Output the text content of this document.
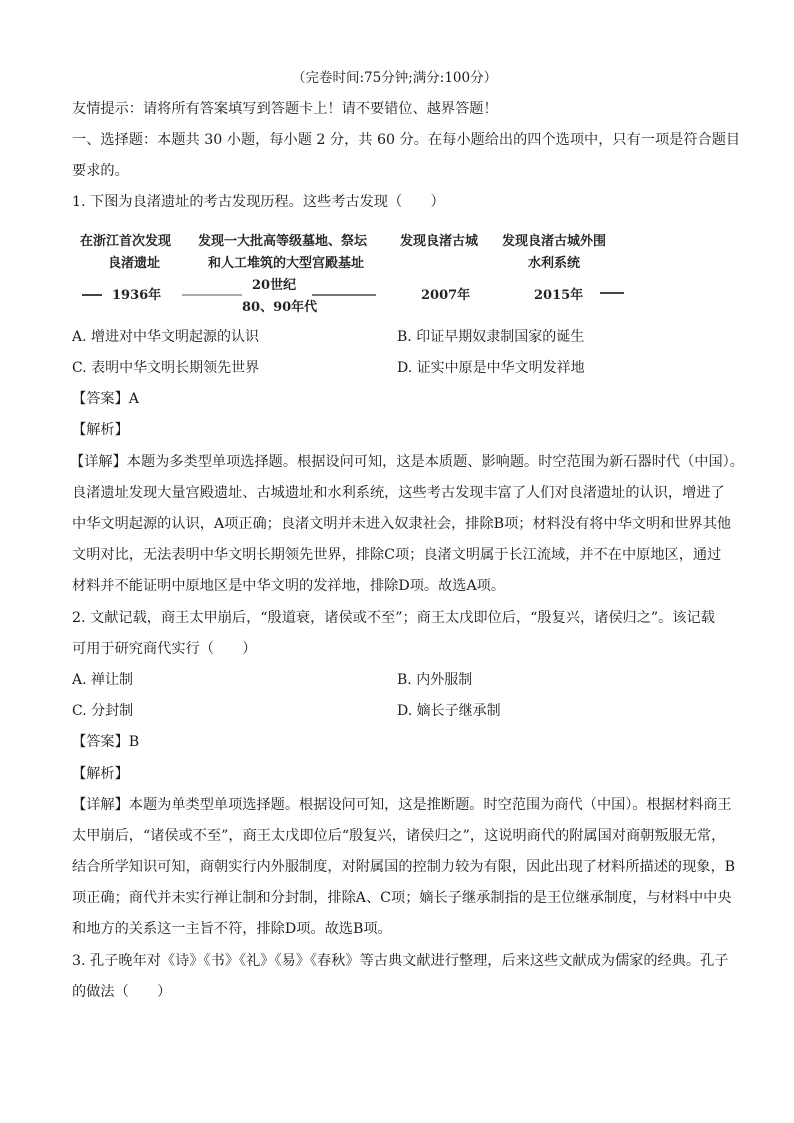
（完卷时间:75分钟;满分:100分）
友情提示：请将所有答案填写到答题卡上！请不要错位、越界答题！
一、选择题：本题共 30 小题，每小题 2 分，共 60 分。在每小题给出的四个选项中，只有一项是符合题目
要求的。
1. 下图为良渚遗址的考古发现历程。这些考古发现（　　）
在浙江首次发现
良渚遗址
发现一大批高等级墓地、祭坛
和人工堆筑的大型宫殿基址
发现良渚古城 发现良渚古城外围
水利系统
1936年
20世纪
80、90年代
2007年	2015年
A. 增进对中华文明起源的认识	B. 印证早期奴隶制国家的诞生
C. 表明中华文明长期领先世界	D. 证实中原是中华文明发祥地
【答案】A
【解析】
【详解】本题为多类型单项选择题。根据设问可知，这是本质题、影响题。时空范围为新石器时代（中国）。
良渚遗址发现大量宫殿遗址、古城遗址和水利系统，这些考古发现丰富了人们对良渚遗址的认识，增进了
中华文明起源的认识，A项正确；良渚文明并未进入奴隶社会，排除B项；材料没有将中华文明和世界其他
文明对比，无法表明中华文明长期领先世界，排除C项；良渚文明属于长江流域，并不在中原地区，通过
材料并不能证明中原地区是中华文明的发祥地，排除D项。故选A项。
2. 文献记载，商王太甲崩后，“殷道衰，诸侯或不至”；商王太戊即位后，“殷复兴，诸侯归之”。该记载
可用于研究商代实行（　　）
A. 禅让制	B. 内外服制
C. 分封制	D. 嫡长子继承制
【答案】B
【解析】
【详解】本题为单类型单项选择题。根据设问可知，这是推断题。时空范围为商代（中国）。根据材料商王
太甲崩后，“诸侯或不至”，商王太戊即位后“殷复兴，诸侯归之”，这说明商代的附属国对商朝叛服无常，
结合所学知识可知，商朝实行内外服制度，对附属国的控制力较为有限，因此出现了材料所描述的现象，B
项正确；商代并未实行禅让制和分封制，排除A、C项；嫡长子继承制指的是王位继承制度，与材料中中央
和地方的关系这一主旨不符，排除D项。故选B项。
3. 孔子晚年对《诗》《书》《礼》《易》《春秋》等古典文献进行整理，后来这些文献成为儒家的经典。孔子
的做法（　　）
